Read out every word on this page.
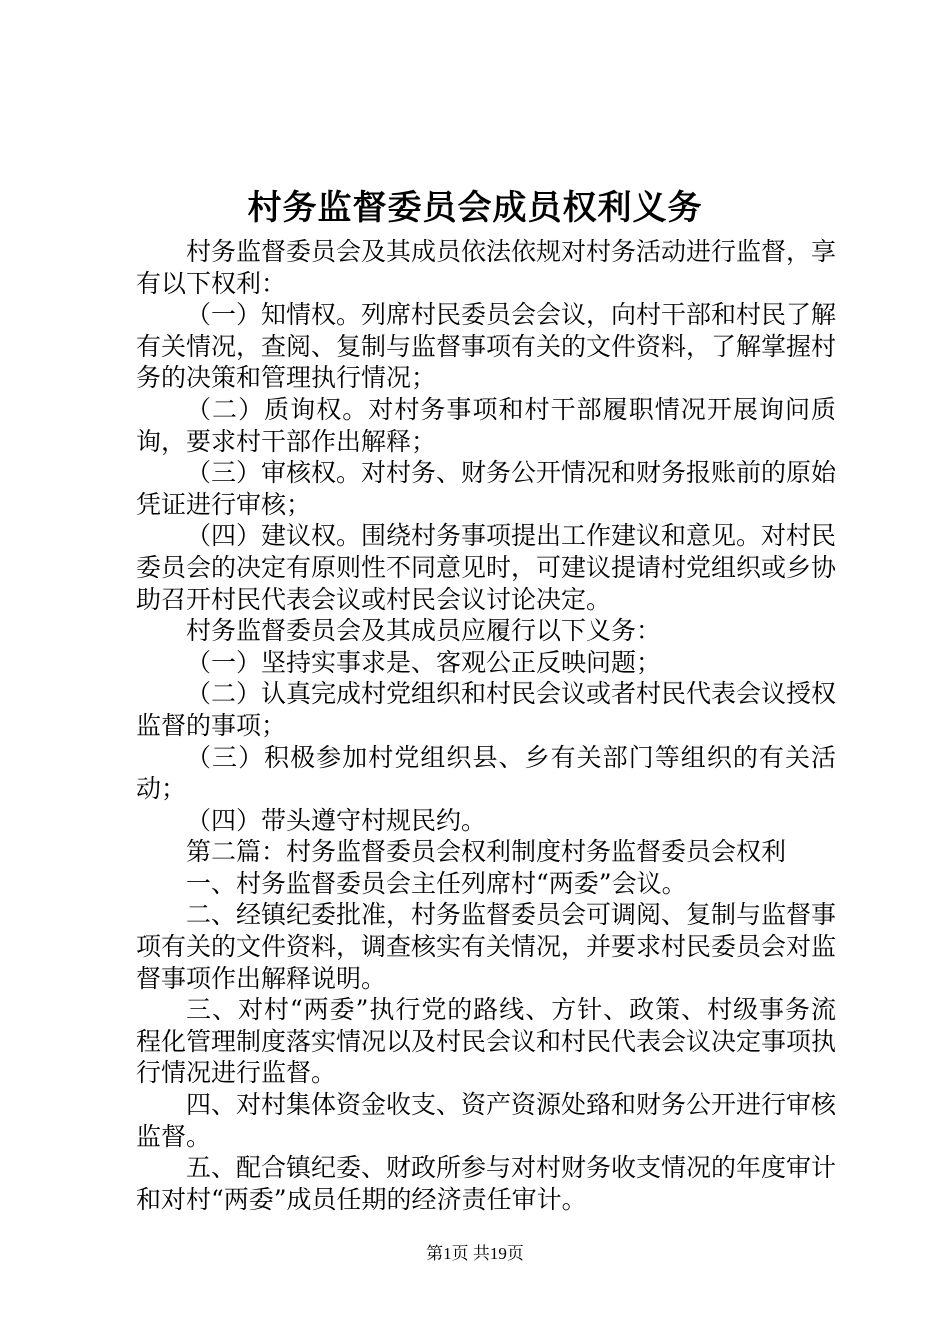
村务监督委员会成员权利义务

村务监督委员会及其成员依法依规对村务活动进行监督，享有以下权利：

（一）知情权。列席村民委员会会议，向村干部和村民了解有关情况，查阅、复制与监督事项有关的文件资料，了解掌握村务的决策和管理执行情况；

（二）质询权。对村务事项和村干部履职情况开展询问质询，要求村干部作出解释；

（三）审核权。对村务、财务公开情况和财务报账前的原始凭证进行审核；

（四）建议权。围绕村务事项提出工作建议和意见。对村民委员会的决定有原则性不同意见时，可建议提请村党组织或乡协助召开村民代表会议或村民会议讨论决定。

村务监督委员会及其成员应履行以下义务：

（一）坚持实事求是、客观公正反映问题；

（二）认真完成村党组织和村民会议或者村民代表会议授权监督的事项；

（三）积极参加村党组织县、乡有关部门等组织的有关活动；

（四）带头遵守村规民约。

第二篇：村务监督委员会权利制度村务监督委员会权利

一、村务监督委员会主任列席村“两委”会议。

二、经镇纪委批准，村务监督委员会可调阅、复制与监督事项有关的文件资料，调查核实有关情况，并要求村民委员会对监督事项作出解释说明。

三、对村“两委”执行党的路线、方针、政策、村级事务流程化管理制度落实情况以及村民会议和村民代表会议决定事项执行情况进行监督。

四、对村集体资金收支、资产资源处臵和财务公开进行审核监督。

五、配合镇纪委、财政所参与对村财务收支情况的年度审计和对村“两委”成员任期的经济责任审计。

第1页 共19页
